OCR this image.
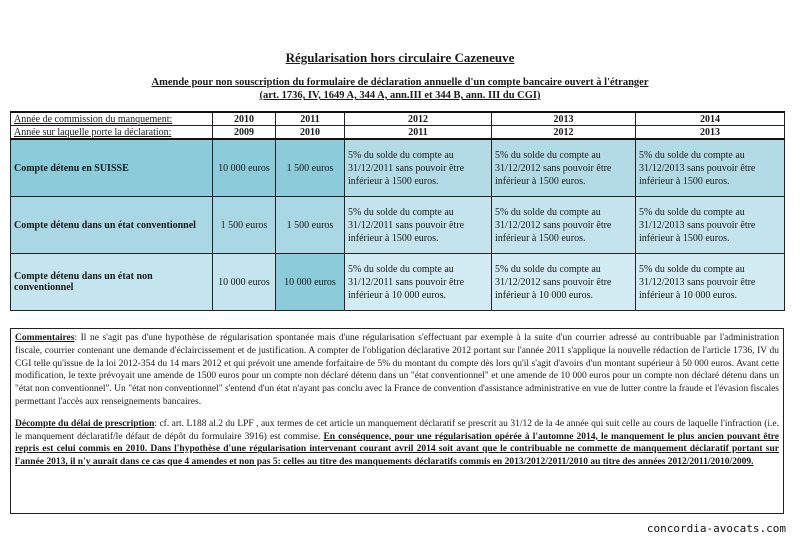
Régularisation hors circulaire Cazeneuve
Amende pour non souscription du formulaire de déclaration annuelle d'un compte bancaire ouvert à l'étranger
(art. 1736, IV, 1649 A, 344 A, ann.III et 344 B, ann. III du CGI)
Année de commission du manquement:	2010	2011	2012	2013	2014
Année sur laquelle porte la déclaration:	2009	2010	2011	2012	2013
Compte détenu en SUISSE	10 000 euros	1 500 euros	5% du solde du compte au 31/12/2011 sans pouvoir être inférieur à 1500 euros.	5% du solde du compte au 31/12/2012 sans pouvoir être inférieur à 1500 euros.	5% du solde du compte au 31/12/2013 sans pouvoir être inférieur à 1500 euros.
Compte détenu dans un état conventionnel	1 500 euros	1 500 euros	5% du solde du compte au 31/12/2011 sans pouvoir être inférieur à 1500 euros.	5% du solde du compte au 31/12/2012 sans pouvoir être inférieur à 1500 euros.	5% du solde du compte au 31/12/2013 sans pouvoir être inférieur à 1500 euros.
Compte détenu dans un état non conventionnel	10 000 euros	10 000 euros	5% du solde du compte au 31/12/2011 sans pouvoir être inférieur à 10 000 euros.	5% du solde du compte au 31/12/2012 sans pouvoir être inférieur à 10 000 euros.	5% du solde du compte au 31/12/2013 sans pouvoir être inférieur à 10 000 euros.

Commentaires: Il ne s'agit pas d'une hypothèse de régularisation spontanée mais d'une régularisation s'effectuant par exemple à la suite d'un courrier adressé au contribuable par l'administration fiscale, courrier contenant une demande d'éclaircissement et de justification. A compter de l'obligation déclarative 2012 portant sur l'année 2011 s'applique la nouvelle rédaction de l'article 1736, IV du CGI telle qu'issue de la loi 2012-354 du 14 mars 2012 et qui prévoit une amende forfaitaire de 5% du montant du compte dès lors qu'il s'agit d'avoirs d'un montant supérieur à 50 000 euros. Avant cette modification, le texte prévoyait une amende de 1500 euros pour un compte non déclaré détenu dans un "état conventionnel" et une amende de 10 000 euros pour un compte non déclaré détenu dans un "état non conventionnel". Un "état non conventionnel" s'entend d'un état n'ayant pas conclu avec la France de convention d'assistance administrative en vue de lutter contre la fraude et l'évasion fiscales permettant l'accès aux renseignements bancaires.

Décompte du délai de prescription: cf. art. L188 al.2 du LPF , aux termes de cet article un manquement déclaratif se prescrit au 31/12 de la 4e année qui suit celle au cours de laquelle l'infraction (i.e. le manquement déclaratif/le défaut de dépôt du formulaire 3916) est commise. En conséquence, pour une régularisation opérée à l'automne 2014, le manquement le plus ancien pouvant être repris est celui commis en 2010. Dans l'hypothèse d'une régularisation intervenant courant avril 2014 soit avant que le contribuable ne commette de manquement déclaratif portant sur l'année 2013, il n'y aurait dans ce cas que 4 amendes et non pas 5: celles au titre des manquements déclaratifs commis en 2013/2012/2011/2010 au titre des années 2012/2011/2010/2009.

concordia-avocats.com
